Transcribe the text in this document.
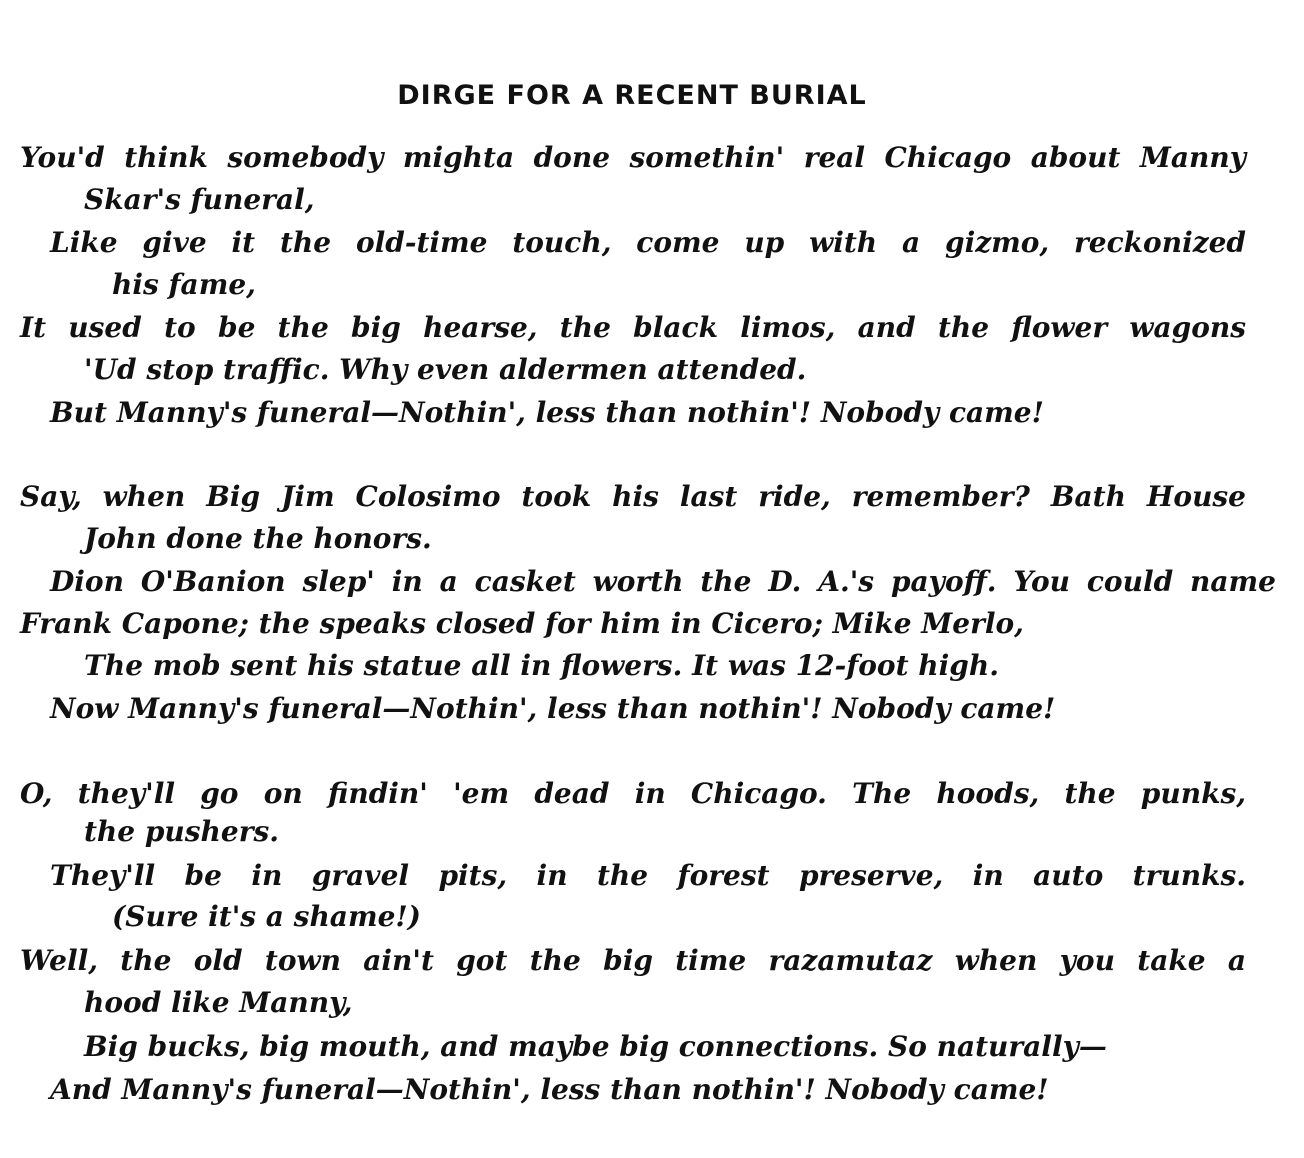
DIRGE FOR A RECENT BURIAL
You'd think somebody mighta done somethin' real Chicago about Manny
Skar's funeral,
Like give it the old-time touch, come up with a gizmo, reckonized
his fame,
It used to be the big hearse, the black limos, and the flower wagons
'Ud stop traffic. Why even aldermen attended.
But Manny's funeral—Nothin', less than nothin'! Nobody came!
Say, when Big Jim Colosimo took his last ride, remember? Bath House
John done the honors.
Dion O'Banion slep' in a casket worth the D. A.'s payoff. You could name
Frank Capone; the speaks closed for him in Cicero; Mike Merlo,
The mob sent his statue all in flowers. It was 12-foot high.
Now Manny's funeral—Nothin', less than nothin'! Nobody came!
O, they'll go on findin' 'em dead in Chicago. The hoods, the punks,
the pushers.
They'll be in gravel pits, in the forest preserve, in auto trunks.
(Sure it's a shame!)
Well, the old town ain't got the big time razamutaz when you take a
hood like Manny,
Big bucks, big mouth, and maybe big connections. So naturally—
And Manny's funeral—Nothin', less than nothin'! Nobody came!
